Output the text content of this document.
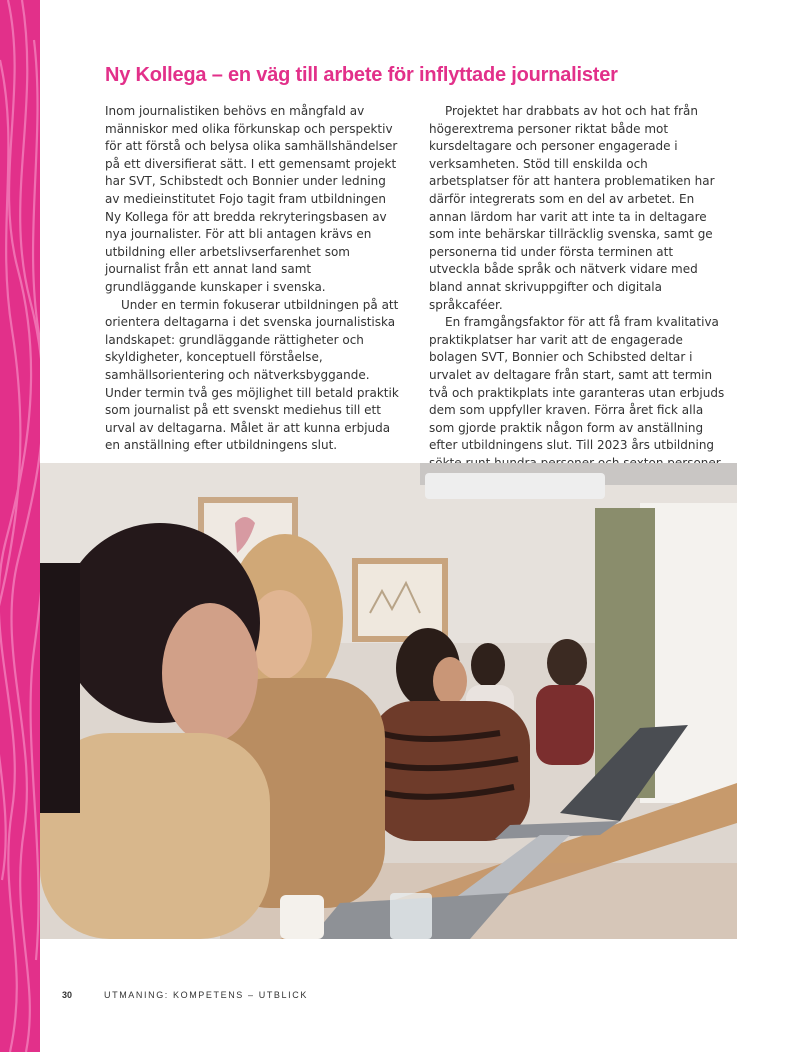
Ny Kollega – en väg till arbete för inflyttade journalister

Inom journalistiken behövs en mångfald av människor med olika förkunskap och perspektiv för att förstå och belysa olika samhällshändelser på ett diversifierat sätt. I ett gemensamt projekt har SVT, Schibstedt och Bonnier under ledning av medieinstitutet Fojo tagit fram utbildningen Ny Kollega för att bredda rekryteringsbasen av nya journalister. För att bli antagen krävs en utbildning eller arbetslivserfarenhet som journalist från ett annat land samt grundläggande kunskaper i svenska.

Under en termin fokuserar utbildningen på att orientera deltagarna i det svenska journalistiska landskapet: grundläggande rättigheter och skyldigheter, konceptuell förståelse, samhällsorientering och nätverksbyggande. Under termin två ges möjlighet till betald praktik som journalist på ett svenskt mediehus till ett urval av deltagarna. Målet är att kunna erbjuda en anställning efter utbildningens slut.

Projektet har drabbats av hot och hat från högerextrema personer riktat både mot kursdeltagare och personer engagerade i verksamheten. Stöd till enskilda och arbetsplatser för att hantera problematiken har därför integrerats som en del av arbetet. En annan lärdom har varit att inte ta in deltagare som inte behärskar tillräcklig svenska, samt ge personerna tid under första terminen att utveckla både språk och nätverk vidare med bland annat skrivuppgifter och digitala språkcaféer.

En framgångsfaktor för att få fram kvalitativa praktikplatser har varit att de engagerade bolagen SVT, Bonnier och Schibsted deltar i urvalet av deltagare från start, samt att termin två och praktikplats inte garanteras utan erbjuds dem som uppfyller kraven. Förra året fick alla som gjorde praktik någon form av anställning efter utbildningens slut. Till 2023 års utbildning

30	UTMANING: KOMPETENS – UTBLICK
